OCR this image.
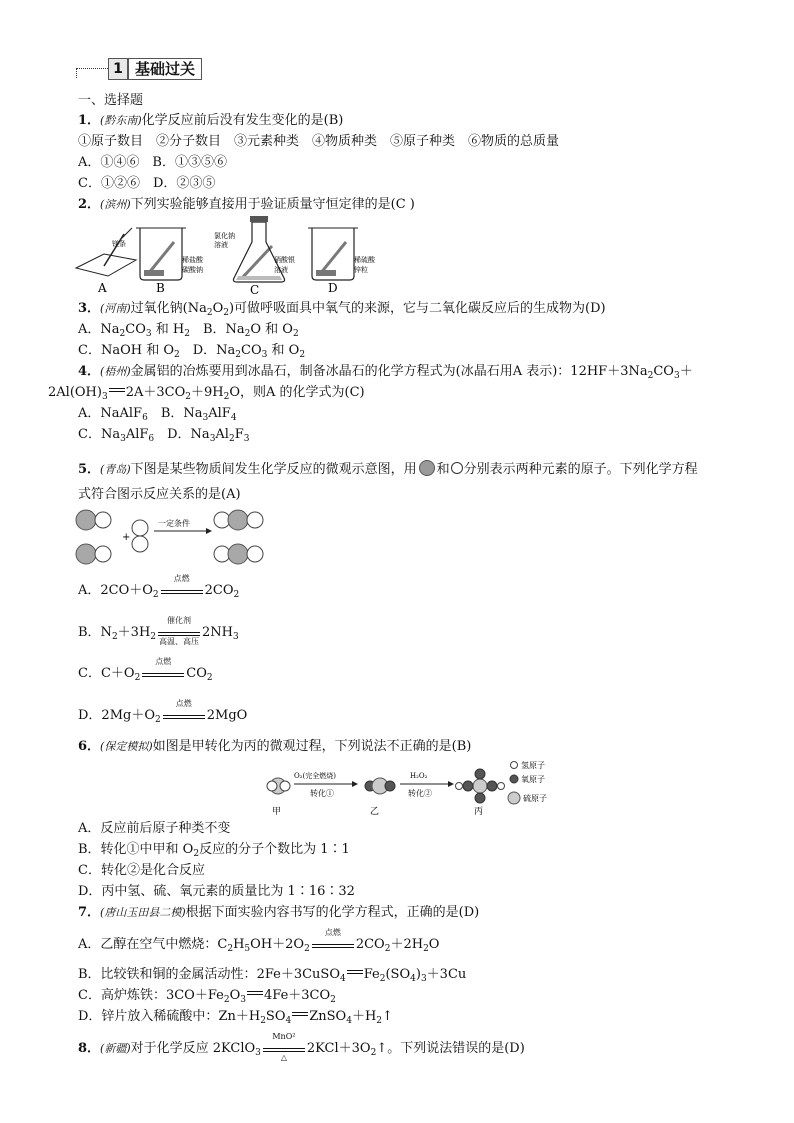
1 基础过关
一、选择题
1．(黔东南)化学反应前后没有发生变化的是(B)
①原子数目　②分子数目　③元素种类　④物质种类　⑤原子种类　⑥物质的总质量
A．①④⑥　B．①③⑤⑥
C．①②⑥　D．②③⑤
2．(滨州)下列实验能够直接用于验证质量守恒定律的是(C )
镁条
A
稀盐酸
碳酸钠
B
氯化钠
溶液
硝酸银
溶液
C
稀硫酸
锌粒
D
3．(河南)过氧化钠$(Na_2O_2)$可做呼吸面具中氧气的来源，它与二氧化碳反应后的生成物为(D)
A．$Na_2CO_3$ 和 $H_2$　B．$Na_2O$ 和 $O_2$
C．NaOH 和 $O_2$　D．$Na_2CO_3$ 和 $O_2$
4．(梧州)金属铝的冶炼要用到冰晶石，制备冰晶石的化学方程式为(冰晶石用A 表示)：$12HF+3Na_2CO_3+$
$2Al(OH)_3$ $2A+3CO_2+9H_2O$，则A 的化学式为(C)
A．NaAlF$_6$　B．$Na_3AlF_4$
C．$Na_3AlF_6$　D．$Na_3Al_2F_3$
5．(青岛)下图是某些物质间发生化学反应的微观示意图，用 和 分别表示两种元素的原子。下列化学方程
式符合图示反应关系的是(A)
+
一定条件
A．$2CO+O_2$
点燃
$2CO_2$
B．$N_2+3H_2$
催化剂
高温、高压
$2NH_3$
C．$C+O_2$
点燃
$CO_2$
D．$2Mg+O_2$
点燃
2MgO
6．(保定模拟)如图是甲转化为丙的微观过程，下列说法不正确的是(B)
甲
O₂(完全燃烧)
转化①
乙
H₂O₂
转化②
丙
氢原子
氧原子
硫原子
A．反应前后原子种类不变
B．转化①中甲和 $O_2$反应的分子个数比为 1∶1
C．转化②是化合反应
D．丙中氢、硫、氧元素的质量比为 1∶16∶32
7．(唐山玉田县二模)根据下面实验内容书写的化学方程式，正确的是(D)
A．乙醇在空气中燃烧：$C_2H_5OH+2O_2$
点燃
$2CO_2+2H_2O$
B．比较铁和铜的金属活动性：2Fe＋3CuSO$_4$ $Fe_2(SO_4)_3+3Cu$
C．高炉炼铁：$3CO+Fe_2O_3$ $4Fe+3CO_2$
D．锌片放入稀硫酸中：$Zn+H_2SO_4$ $ZnSO_4+H_2↑$
8．(新疆)对于化学反应 2KClO$_3$
MnO²
△
$2KCl+3O_2↑$。下列说法错误的是(D)
